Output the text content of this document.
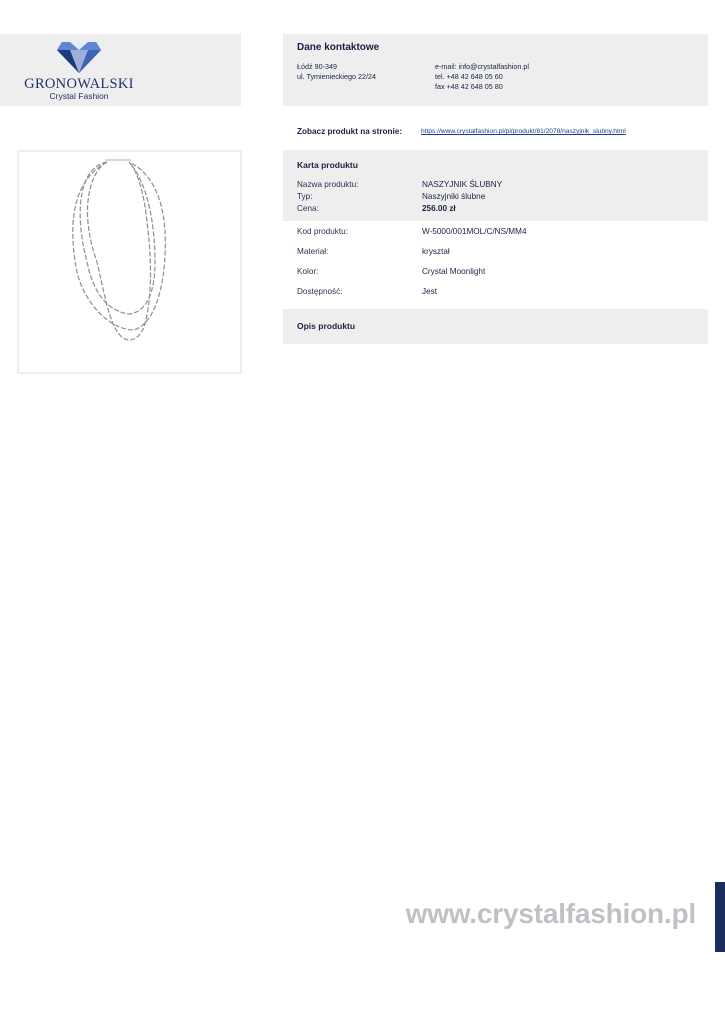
GRONOWALSKI
Crystal Fashion
Dane kontaktowe
Łódź 90-349
ul. Tymienieckiego 22/24
e-mail: info@crystalfashion.pl
tel. +48 42 648 05 60
fax +48 42 648 05 80
Zobacz produkt na stronie:	https://www.crystalfashion.pl/pl/produkt/81/2078/naszyjnik_slubny.html
Karta produktu
Nazwa produktu:	NASZYJNIK ŚLUBNY
Typ:	Naszyjniki ślubne
Cena:	256.00 zł
Kod produktu:	W-5000/001MOL/C/NS/MM4
Materiał:	kryształ
Kolor:	Crystal Moonlight
Dostępność:	Jest
Opis produktu
www.crystalfashion.pl
